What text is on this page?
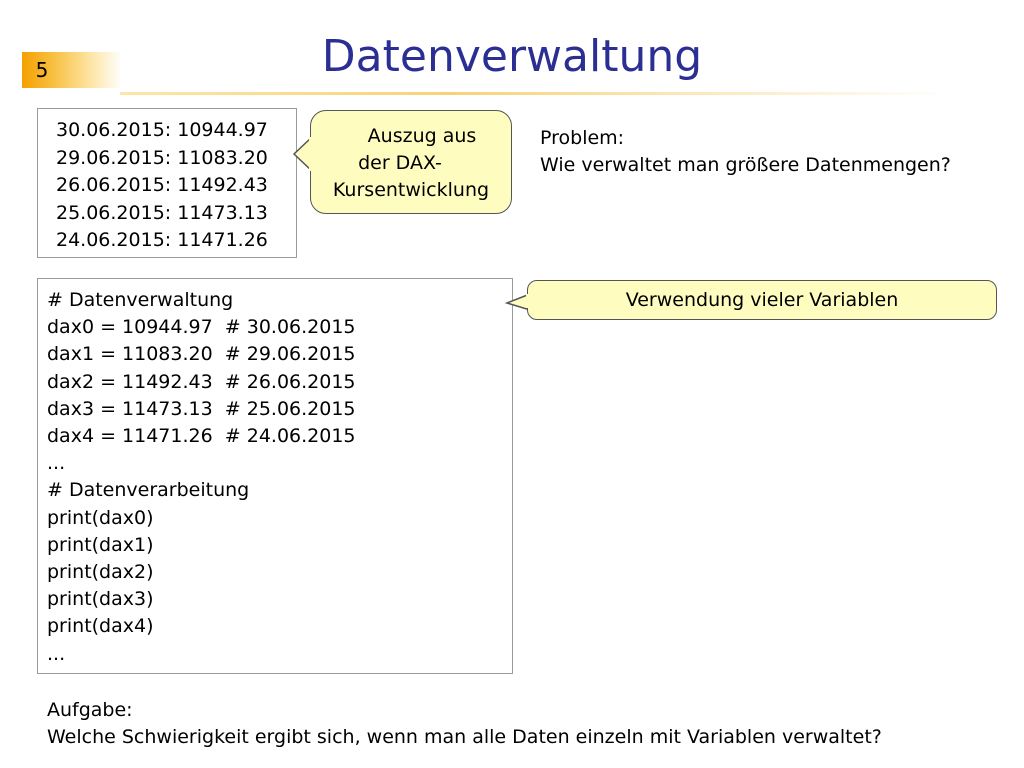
5	Datenverwaltung
30.06.2015: 10944.97
29.06.2015: 11083.20
26.06.2015: 11492.43
25.06.2015: 11473.13
24.06.2015: 11471.26
Auszug aus
der DAX-
Kursentwicklung
Problem:
Wie verwaltet man größere Datenmengen?
# Datenverwaltung
dax0 = 10944.97  # 30.06.2015
dax1 = 11083.20  # 29.06.2015
dax2 = 11492.43  # 26.06.2015
dax3 = 11473.13  # 25.06.2015
dax4 = 11471.26  # 24.06.2015
...
# Datenverarbeitung
print(dax0)
print(dax1)
print(dax2)
print(dax3)
print(dax4)
...
Verwendung vieler Variablen
Aufgabe:
Welche Schwierigkeit ergibt sich, wenn man alle Daten einzeln mit Variablen verwaltet?
